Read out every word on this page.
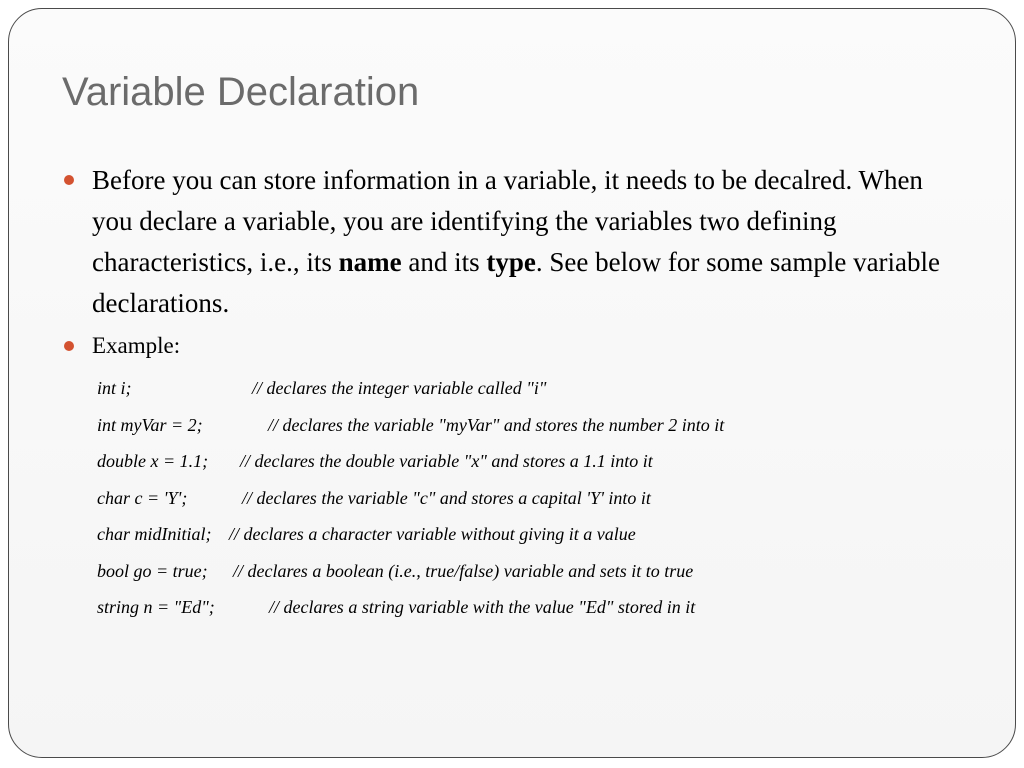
Variable Declaration
Before you can store information in a variable, it needs to be decalred. When you declare a variable, you are identifying the variables two defining characteristics, i.e., its name and its type. See below for some sample variable declarations.
Example:
int i;	// declares the integer variable called "i"
int myVar = 2;	// declares the variable "myVar" and stores the number 2 into it
double x = 1.1;	// declares the double variable "x" and stores a 1.1 into it
char c = 'Y';	// declares the variable "c" and stores a capital 'Y' into it
char midInitial; // declares a character variable without giving it a value
bool go = true;	// declares a boolean (i.e., true/false) variable and sets it to true
string n = "Ed";	// declares a string variable with the value "Ed" stored in it
